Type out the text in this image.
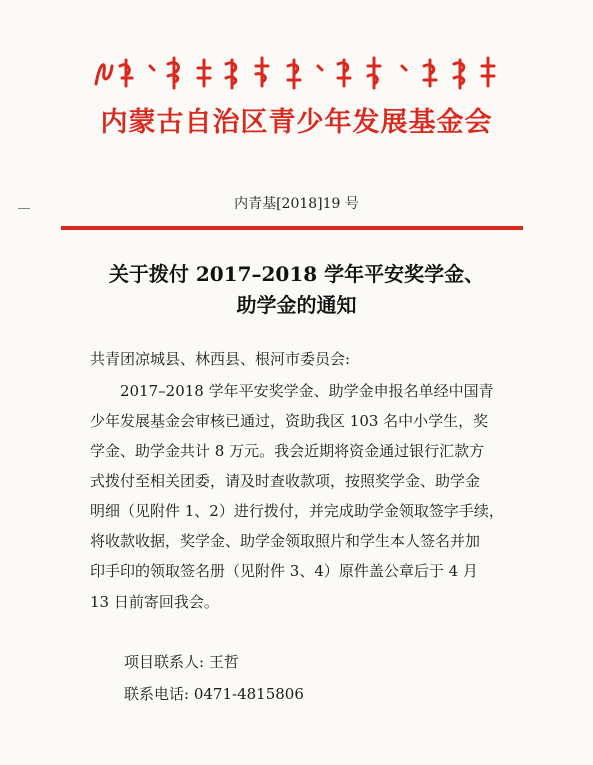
内蒙古自治区青少年发展基金会
内青基[2018]19 号
关于拨付 2017–2018 学年平安奖学金、
助学金的通知
共青团凉城县、林西县、根河市委员会:
2017–2018 学年平安奖学金、助学金申报名单经中国青
少年发展基金会审核已通过，资助我区 103 名中小学生，奖
学金、助学金共计 8 万元。我会近期将资金通过银行汇款方
式拨付至相关团委，请及时查收款项，按照奖学金、助学金
明细（见附件 1、2）进行拨付，并完成助学金领取签字手续，
将收款收据，奖学金、助学金领取照片和学生本人签名并加
印手印的领取签名册（见附件 3、4）原件盖公章后于 4 月
13 日前寄回我会。
项目联系人: 王哲
联系电话: 0471-4815806
